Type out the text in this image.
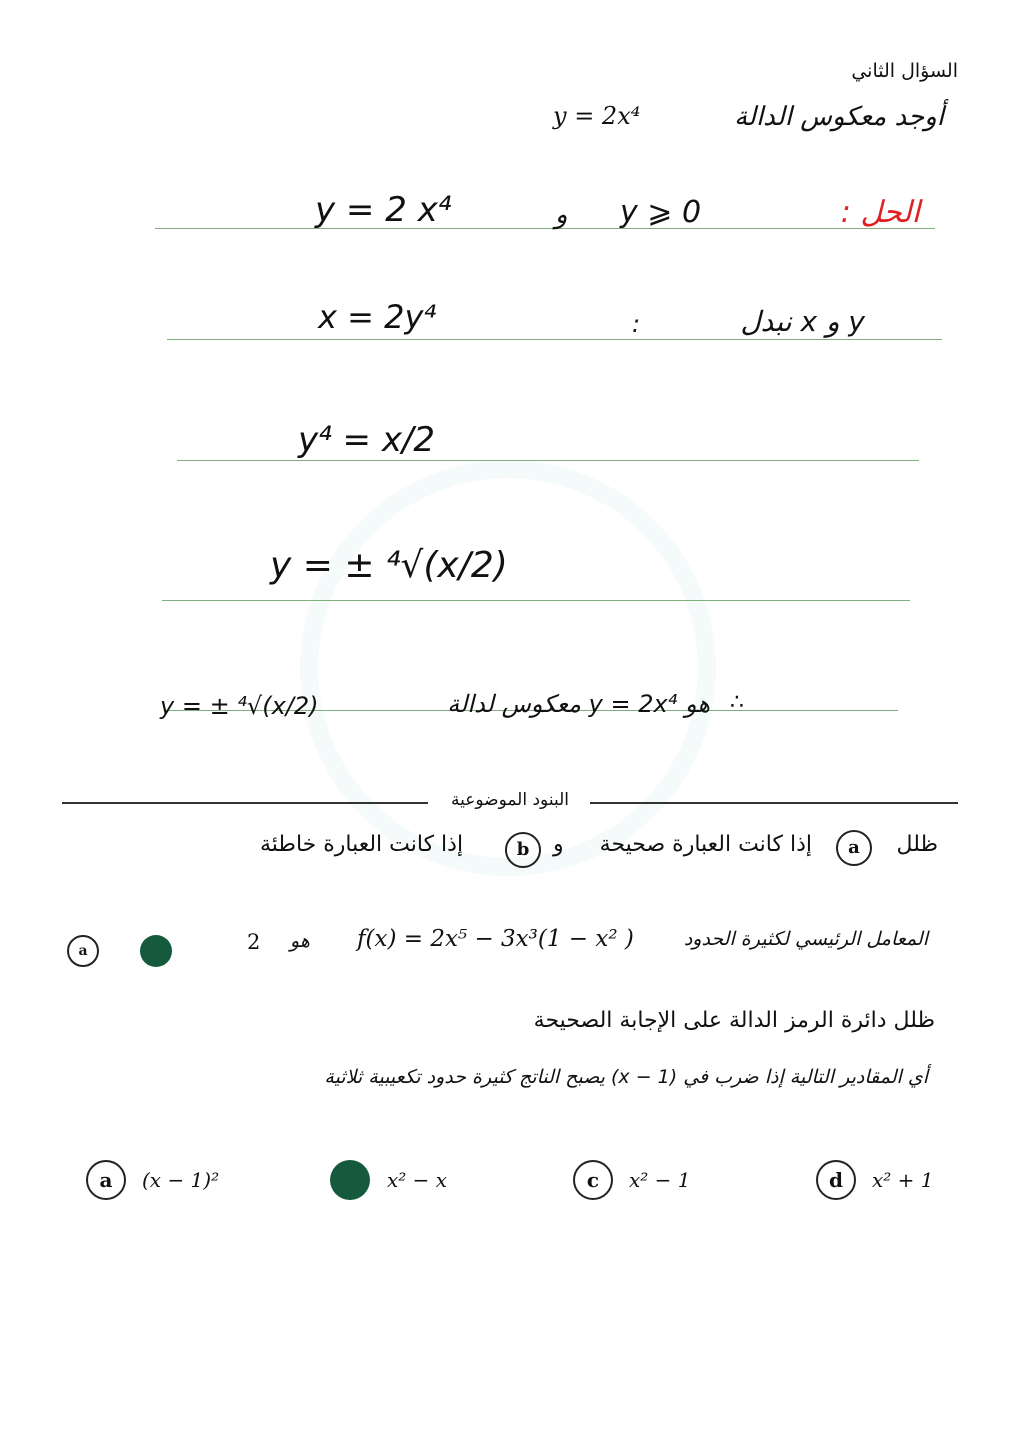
السؤال الثاني
أوجد معكوس الدالة
y = 2x⁴
الحل :
y = 2 x⁴	و y ⩾ 0
x = 2y⁴	:	y و x نبدل
y⁴ = x/2
y = ± ⁴√(x/2)
y = ± ⁴√(x/2)	هو y = 2x⁴ معكوس لدالة ∴
البنود الموضوعية
ظلل
a
إذا كانت العبارة صحيحة
و
b
إذا كانت العبارة خاطئة
المعامل الرئيسي لكثيرة الحدود
( f(x) = 2x⁵ − 3x³(1 − x²
هو
2
a
ظلل دائرة الرمز الدالة على الإجابة الصحيحة
أي المقادير التالية إذا ضرب في (x − 1) يصبح الناتج كثيرة حدود تكعيبية ثلاثية
a	(x − 1)²	x² − x	c	x² − 1	d	x² + 1
